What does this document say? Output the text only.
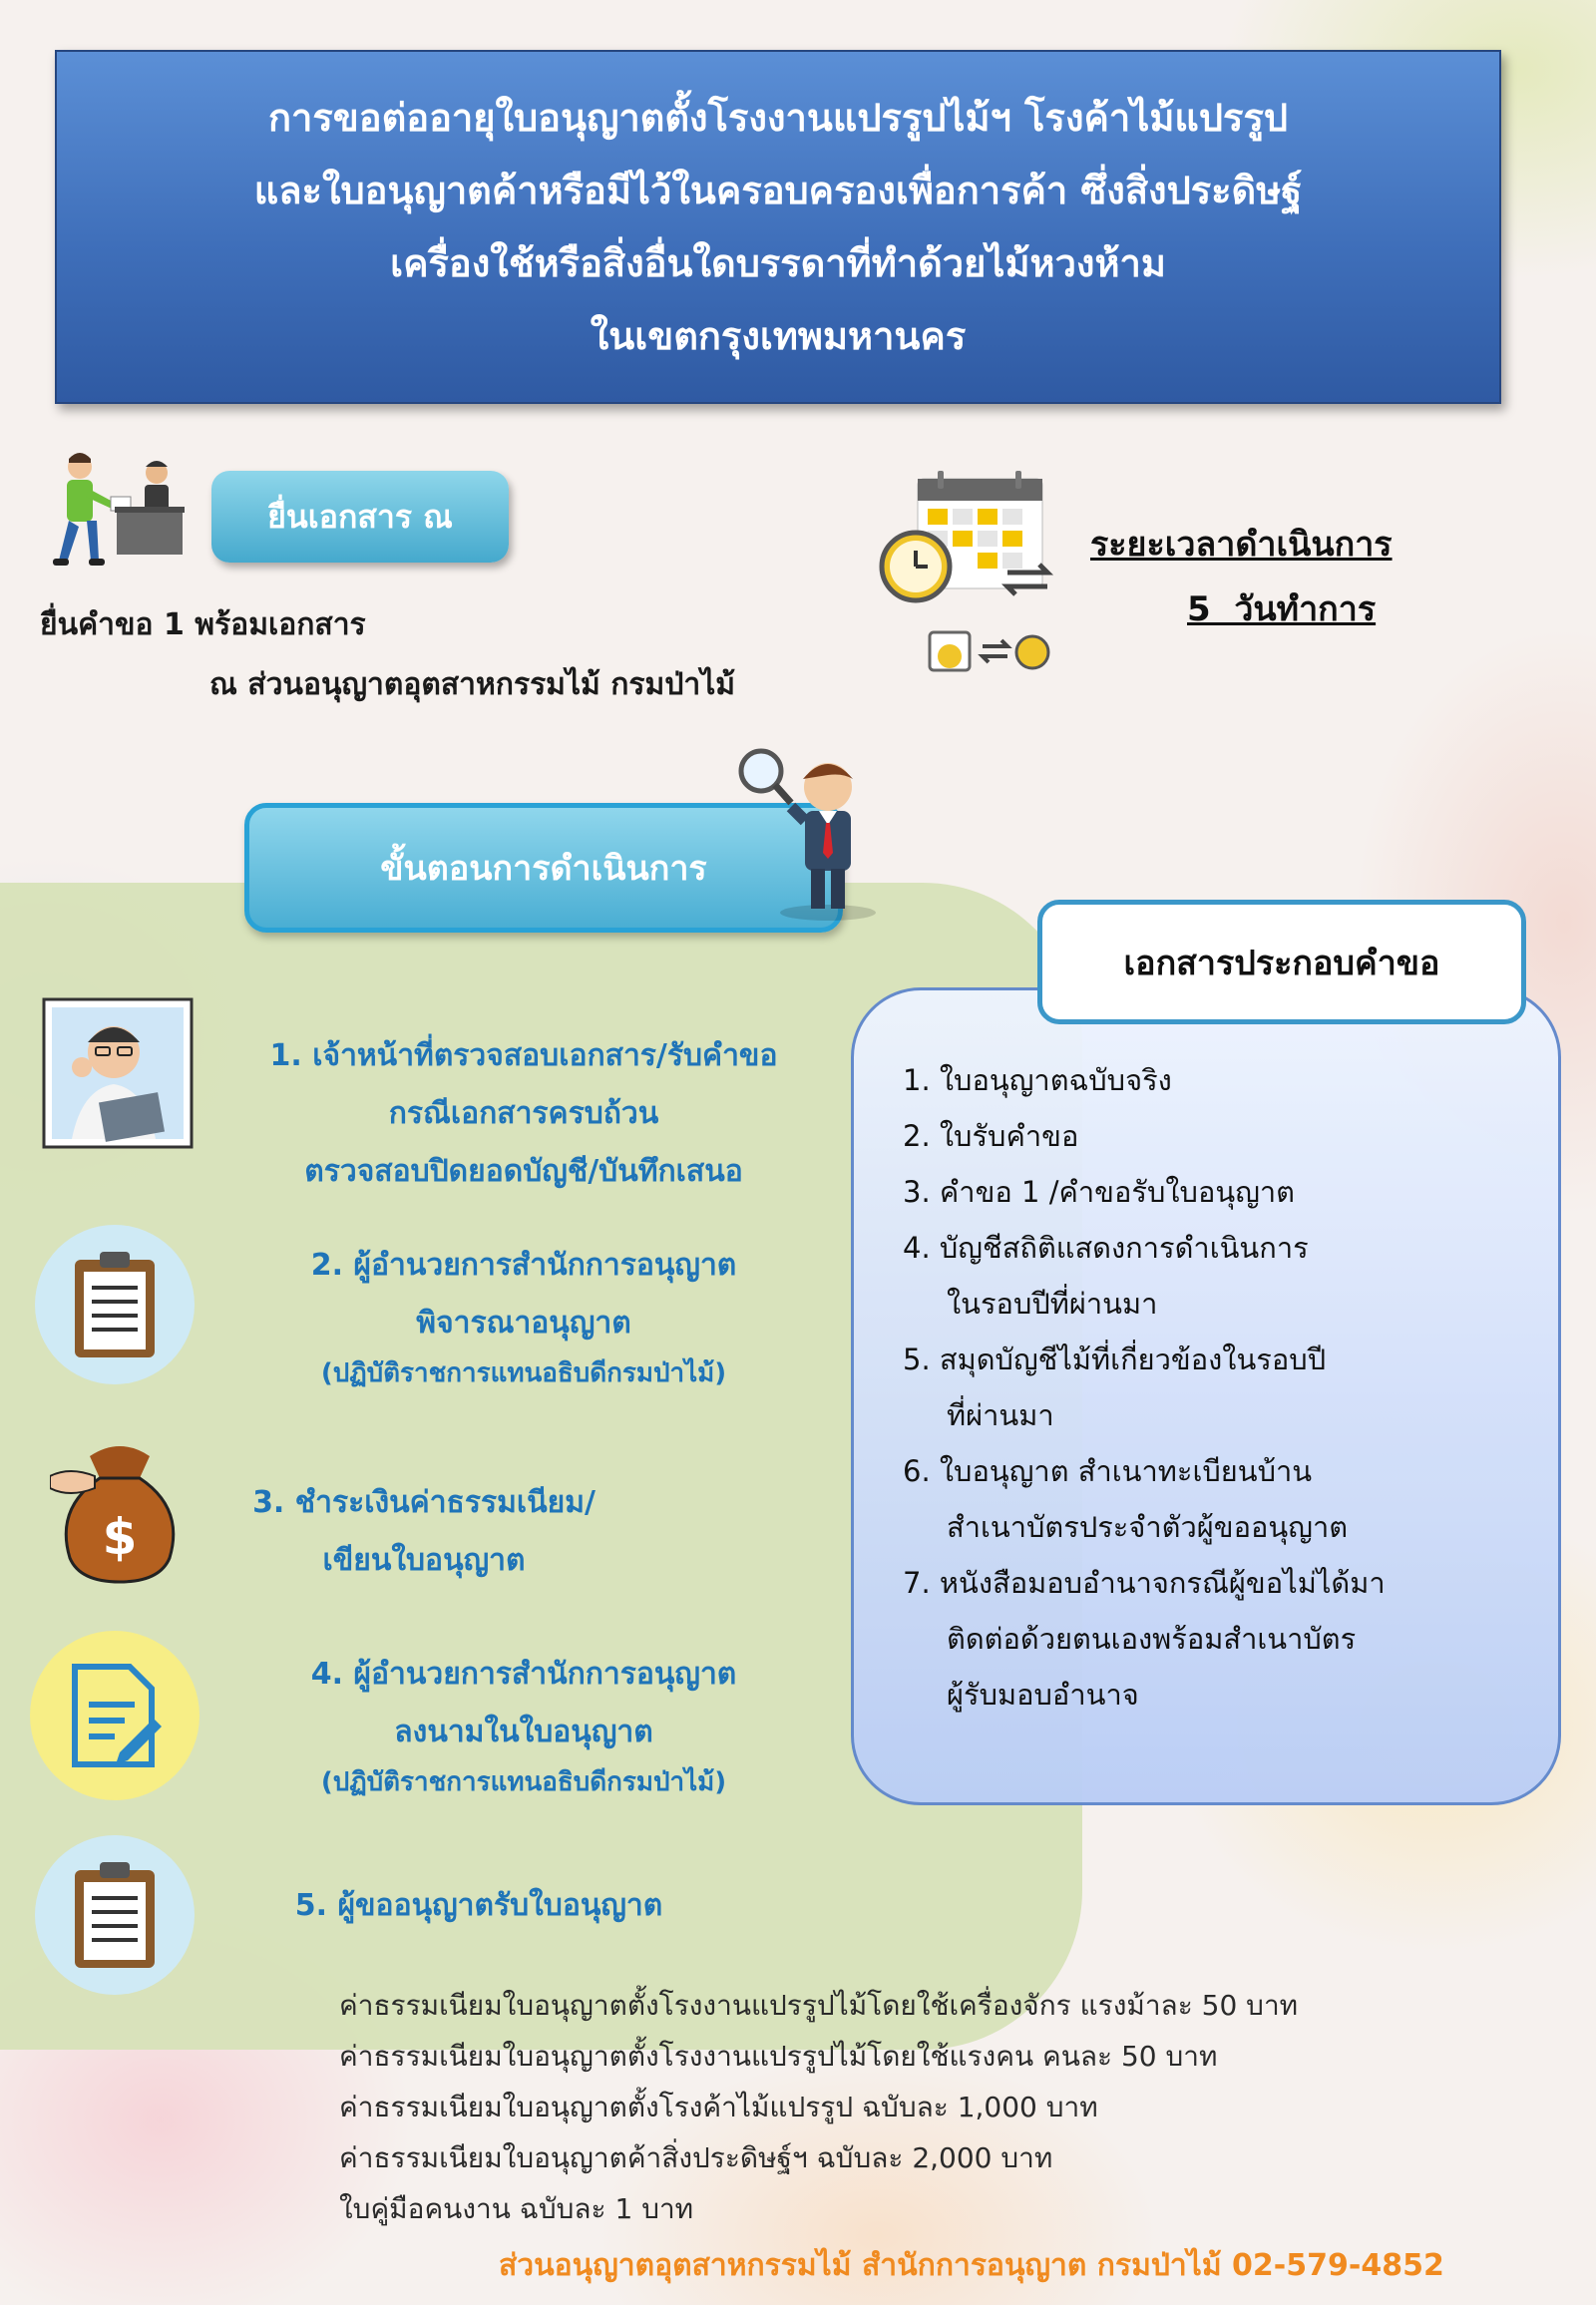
การขอต่ออายุใบอนุญาตตั้งโรงงานแปรรูปไม้ฯ โรงค้าไม้แปรรูป
และใบอนุญาตค้าหรือมีไว้ในครอบครองเพื่อการค้า ซึ่งสิ่งประดิษฐ์
เครื่องใช้หรือสิ่งอื่นใดบรรดาที่ทำด้วยไม้หวงห้าม
ในเขตกรุงเทพมหานคร
ยื่นเอกสาร ณ
ยื่นคำขอ 1 พร้อมเอกสาร
ณ ส่วนอนุญาตอุตสาหกรรมไม้ กรมป่าไม้
ระยะเวลาดำเนินการ
5  วันทำการ
ขั้นตอนการดำเนินการ
1. เจ้าหน้าที่ตรวจสอบเอกสาร/รับคำขอ
กรณีเอกสารครบถ้วน
ตรวจสอบปิดยอดบัญชี/บันทึกเสนอ
2. ผู้อำนวยการสำนักการอนุญาต
พิจารณาอนุญาต
(ปฏิบัติราชการแทนอธิบดีกรมป่าไม้)
$
3. ชำระเงินค่าธรรมเนียม/
เขียนใบอนุญาต
4. ผู้อำนวยการสำนักการอนุญาต
ลงนามในใบอนุญาต
(ปฏิบัติราชการแทนอธิบดีกรมป่าไม้)
5. ผู้ขออนุญาตรับใบอนุญาต
เอกสารประกอบคำขอ
1. ใบอนุญาตฉบับจริง
2. ใบรับคำขอ
3. คำขอ 1 /คำขอรับใบอนุญาต
4. บัญชีสถิติแสดงการดำเนินการ
ในรอบปีที่ผ่านมา
5. สมุดบัญชีไม้ที่เกี่ยวข้องในรอบปี
ที่ผ่านมา
6. ใบอนุญาต สำเนาทะเบียนบ้าน
สำเนาบัตรประจำตัวผู้ขออนุญาต
7. หนังสือมอบอำนาจกรณีผู้ขอไม่ได้มา
ติดต่อด้วยตนเองพร้อมสำเนาบัตร
ผู้รับมอบอำนาจ
ค่าธรรมเนียมใบอนุญาตตั้งโรงงานแปรรูปไม้โดยใช้เครื่องจักร แรงม้าละ 50 บาท
ค่าธรรมเนียมใบอนุญาตตั้งโรงงานแปรรูปไม้โดยใช้แรงคน คนละ 50 บาท
ค่าธรรมเนียมใบอนุญาตตั้งโรงค้าไม้แปรรูป ฉบับละ 1,000 บาท
ค่าธรรมเนียมใบอนุญาตค้าสิ่งประดิษฐ์ฯ ฉบับละ 2,000 บาท
ใบคู่มือคนงาน ฉบับละ 1 บาท
ส่วนอนุญาตอุตสาหกรรมไม้ สำนักการอนุญาต กรมป่าไม้ 02-579-4852
